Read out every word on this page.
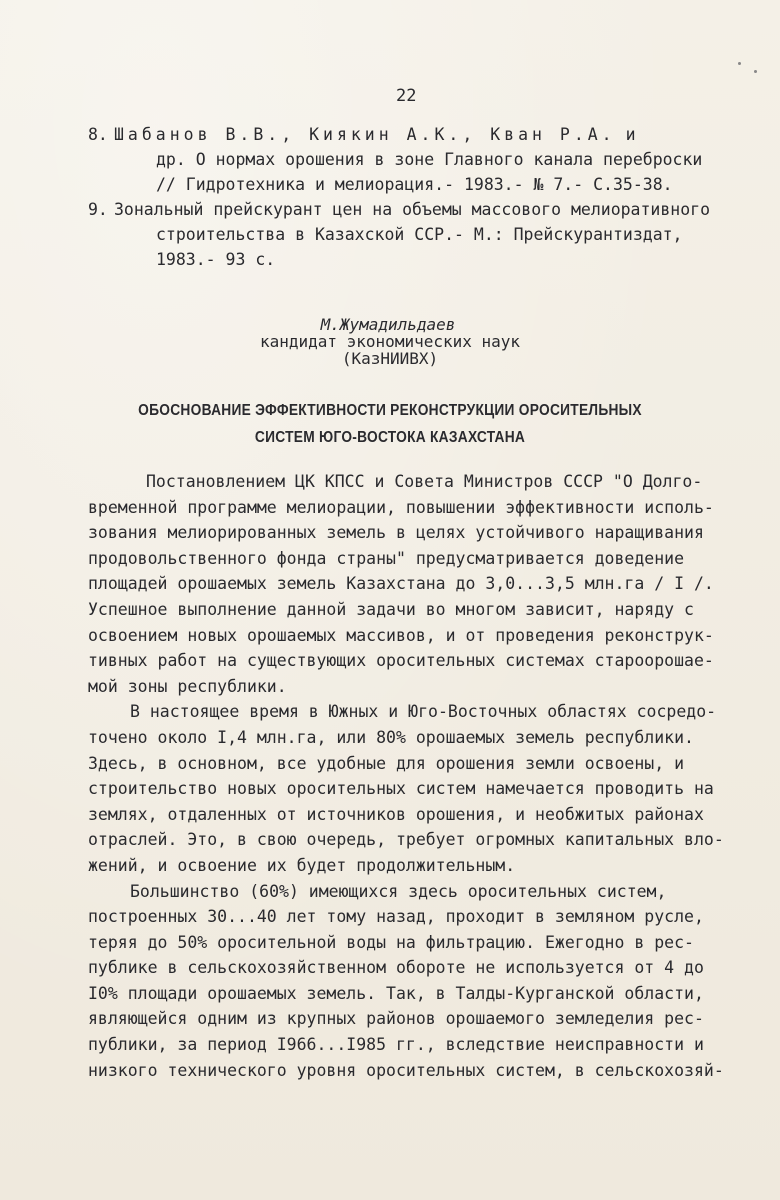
22
8. Шабанов В.В., Киякин А.К., Кван Р.А. и
др. О нормах орошения в зоне Главного канала переброски
// Гидротехника и мелиорация.- 1983.- № 7.- С.35-38.
9. Зональный прейскурант цен на объемы массового мелиоративного
строительства в Казахской ССР.- М.: Прейскурантиздат,
1983.- 93 с.
М.Жумадильдаев
кандидат экономических наук
(КазНИИВХ)
ОБОСНОВАНИЕ ЭФФЕКТИВНОСТИ РЕКОНСТРУКЦИИ ОРОСИТЕЛЬНЫХ
СИСТЕМ ЮГО-ВОСТОКА КАЗАХСТАНА
Постановлением ЦК КПСС и Совета Министров СССР "О Долго-
временной программе мелиорации, повышении эффективности исполь-
зования мелиорированных земель в целях устойчивого наращивания
продовольственного фонда страны" предусматривается доведение
площадей орошаемых земель Казахстана до 3,0...3,5 млн.га / I /.
Успешное выполнение данной задачи во многом зависит, наряду с
освоением новых орошаемых массивов, и от проведения реконструк-
тивных работ на существующих оросительных системах староорошае-
мой зоны республики.
В настоящее время в Южных и Юго-Восточных областях сосредо-
точено около I,4 млн.га, или 80% орошаемых земель республики.
Здесь, в основном, все удобные для орошения земли освоены, и
строительство новых оросительных систем намечается проводить на
землях, отдаленных от источников орошения, и необжитых районах
отраслей. Это, в свою очередь, требует огромных капитальных вло-
жений, и освоение их будет продолжительным.
Большинство (60%) имеющихся здесь оросительных систем,
построенных 30...40 лет тому назад, проходит в земляном русле,
теряя до 50% оросительной воды на фильтрацию. Ежегодно в рес-
публике в сельскохозяйственном обороте не используется от 4 до
I0% площади орошаемых земель. Так, в Талды-Курганской области,
являющейся одним из крупных районов орошаемого земледелия рес-
публики, за период I966...I985 гг., вследствие неисправности и
низкого технического уровня оросительных систем, в сельскохозяй-
